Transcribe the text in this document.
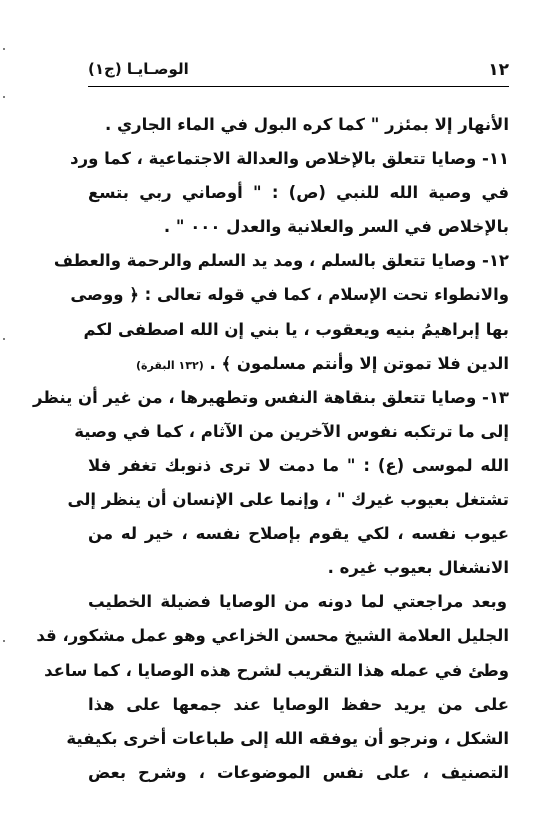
١٢
الوصـايـا (ج١)
الأنهار إلا بمئزر " كما كره البول في الماء الجاري .
١١- وصايا تتعلق بالإخلاص والعدالة الاجتماعية ، كما ورد
في وصية الله للنبي (ص) : " أوصاني ربي بتسع
بالإخلاص في السر والعلانية والعدل ٠٠٠ " .
١٢- وصايا تتعلق بالسلم ، ومد يد السلم والرحمة والعطف
والانطواء تحت الإسلام ، كما في قوله تعالى : ﴿ ووصى
بها إبراهيمُ بنيه ويعقوب ، يا بني إن الله اصطفى لكم
الدين فلا تموتن إلا وأنتم مسلمون ﴾ . (١٣٢ البقرة)
١٣- وصايا تتعلق بنقاهة النفس وتطهيرها ، من غير أن ينظر
إلى ما ترتكبه نفوس الآخرين من الآثام ، كما في وصية
الله لموسى (ع) : " ما دمت لا ترى ذنوبك تغفر فلا
تشتغل بعيوب غيرك " ، وإنما على الإنسان أن ينظر إلى
عيوب نفسه ، لكي يقوم بإصلاح نفسه ، خير له من
الانشغال بعيوب غيره .
وبعد مراجعتي لما دونه من الوصايا فضيلة الخطيب
الجليل العلامة الشيخ محسن الخزاعي وهو عمل مشكور، قد
وطئ في عمله هذا التقريب لشرح هذه الوصايا ، كما ساعد
على من يريد حفظ الوصايا عند جمعها على هذا
الشكل ، ونرجو أن يوفقه الله إلى طباعات أخرى بكيفية
التصنيف ، على نفس الموضوعات ، وشرح بعض
